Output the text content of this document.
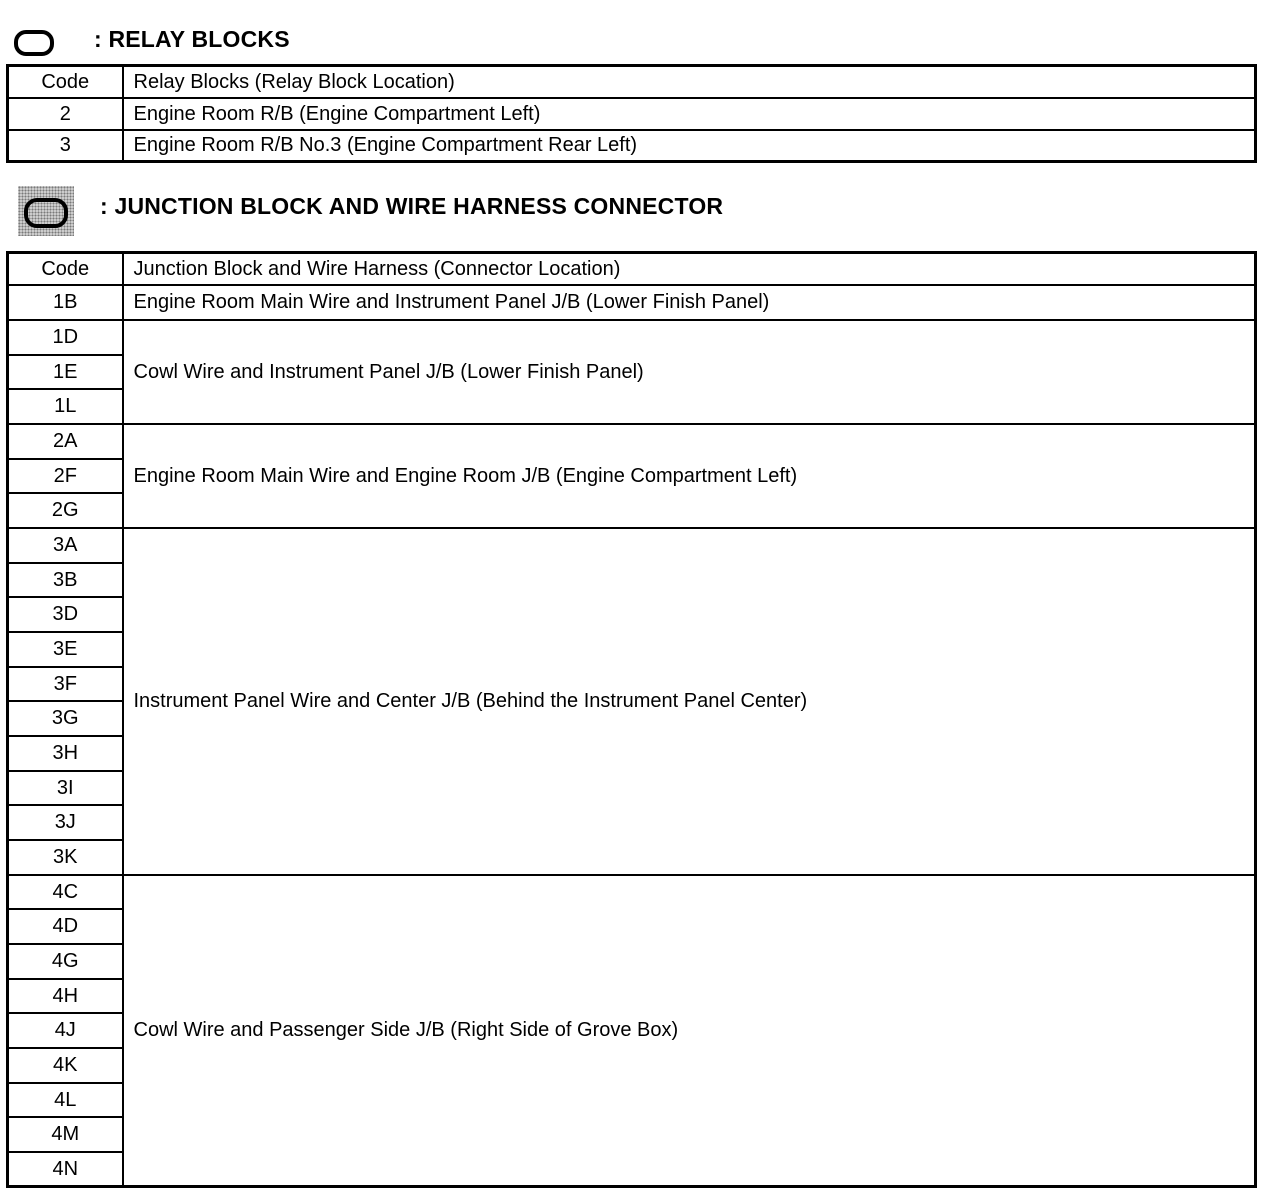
: RELAY BLOCKS
Code	Relay Blocks (Relay Block Location)
2	Engine Room R/B (Engine Compartment Left)
3	Engine Room R/B No.3 (Engine Compartment Rear Left)
: JUNCTION BLOCK AND WIRE HARNESS CONNECTOR
Code	Junction Block and Wire Harness (Connector Location)
1B	Engine Room Main Wire and Instrument Panel J/B (Lower Finish Panel)
1D	Cowl Wire and Instrument Panel J/B (Lower Finish Panel)
1E	
1L	
2A	Engine Room Main Wire and Engine Room J/B (Engine Compartment Left)
2F	
2G	
3A	Instrument Panel Wire and Center J/B (Behind the Instrument Panel Center)
3B	
3D	
3E	
3F	
3G	
3H	
3I	
3J	
3K	
4C	Cowl Wire and Passenger Side J/B (Right Side of Grove Box)
4D	
4G	
4H	
4J	
4K	
4L	
4M	
4N	
